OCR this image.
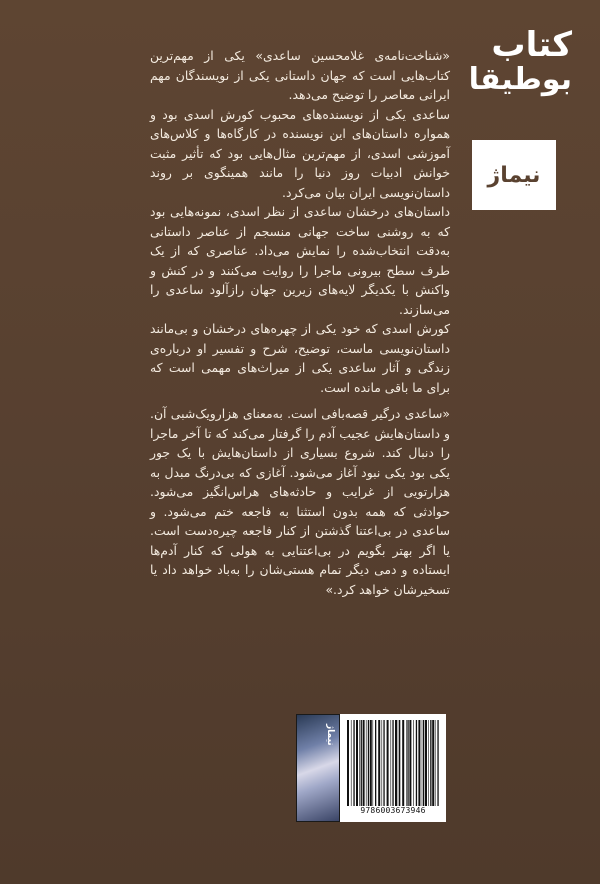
کتاب
بوطیقا
نیماژ

«شناخت‌نامه‌ی غلامحسین ساعدی» یکی از مهم‌ترین کتاب‌هایی است که جهان داستانی یکی از نویسندگان مهم ایرانی معاصر را توضیح می‌دهد.

ساعدی یکی از نویسنده‌های محبوب کورش اسدی بود و همواره داستان‌های این نویسنده در کارگاه‌ها و کلاس‌های آموزشی اسدی، از مهم‌ترین مثال‌هایی بود که تأثیر مثبت خوانش ادبیات روز دنیا را مانند همینگوی بر روند داستان‌نویسی ایران بیان می‌کرد.

داستان‌های درخشان ساعدی از نظر اسدی، نمونه‌هایی بود که به روشنی ساخت جهانی منسجم از عناصر داستانی به‌دقت انتخاب‌شده را نمایش می‌داد. عناصری که از یک طرف سطح بیرونی ماجرا را روایت می‌کنند و در کنش و واکنش با یکدیگر لایه‌های زیرین جهان رازآلود ساعدی را می‌سازند.

کورش اسدی که خود یکی از چهره‌های درخشان و بی‌مانند داستان‌نویسی ماست، توضیح، شرح و تفسیر او درباره‌ی زندگی و آثار ساعدی یکی از میراث‌های مهمی است که برای ما باقی مانده است.

«ساعدی درگیر قصه‌بافی است. به‌معنای هزارویک‌شبی آن. و داستان‌هایش عجیب آدم را گرفتار می‌کند که تا آخر ماجرا را دنبال کند. شروع بسیاری از داستان‌هایش با یک جور یکی بود یکی نبود آغاز می‌شود. آغازی که بی‌درنگ مبدل به هزارتویی از غرایب و حادثه‌های هراس‌انگیز می‌شود. حوادثی که همه بدون استثنا به فاجعه ختم می‌شود. و ساعدی در بی‌اعتنا گذشتن از کنار فاجعه چیره‌دست است. یا اگر بهتر بگویم در بی‌اعتنایی به هولی که کنار آدم‌ها ایستاده و دمی دیگر تمام هستی‌شان را به‌باد خواهد داد یا تسخیرشان خواهد کرد.»

نیماژ
9786003673946
